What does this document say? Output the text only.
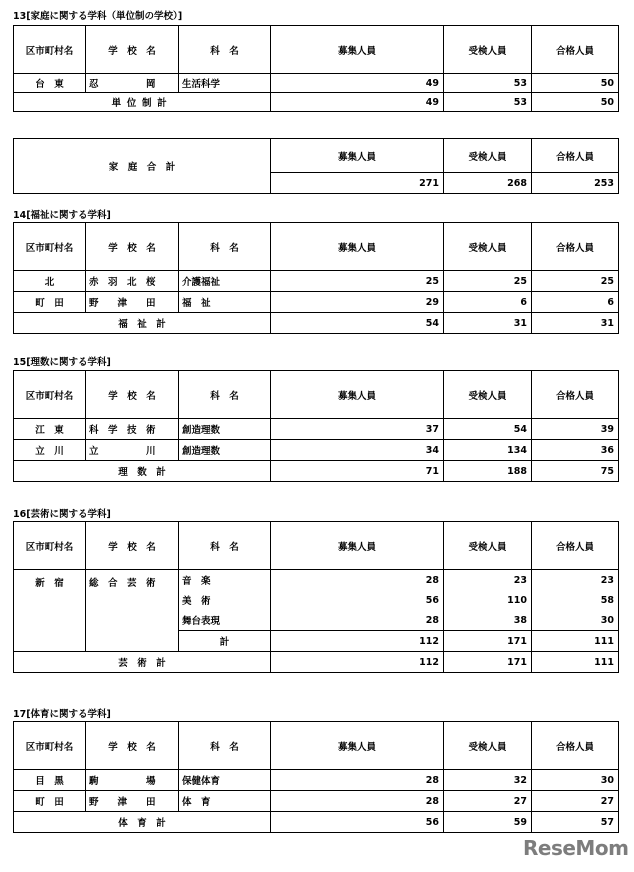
13[家庭に関する学科（単位制の学校）]
区市町村名	学　校　名	科　名	募集人員	受検人員	合格人員
台　東	忍　　　　　岡	生活科学	49	53	50
単位制計			49	53	50
家　庭　合　計	募集人員	受検人員	合格人員
	271	268	253
14[福祉に関する学科]
区市町村名	学　校　名	科　名	募集人員	受検人員	合格人員
北	赤　羽　北　桜	介護福祉	25	25	25
町　田	野　　津　　田	福　祉	29	6	6
福　祉　計			54	31	31
15[理数に関する学科]
区市町村名	学　校　名	科　名	募集人員	受検人員	合格人員
江　東	科　学　技　術	創造理数	37	54	39
立　川	立　　　　　川	創造理数	34	134	36
理　数　計			71	188	75
16[芸術に関する学科]
区市町村名	学　校　名	科　名	募集人員	受検人員	合格人員
新　宿	総　合　芸　術	音　楽	28	23	23
		美　術	56	110	58
		舞台表現	28	38	30
		計	112	171	111
芸　術　計			112	171	111
17[体育に関する学科]
区市町村名	学　校　名	科　名	募集人員	受検人員	合格人員
目　黒	駒　　　　　場	保健体育	28	32	30
町　田	野　　津　　田	体　育	28	27	27
体　育　計			56	59	57
ReseMom
